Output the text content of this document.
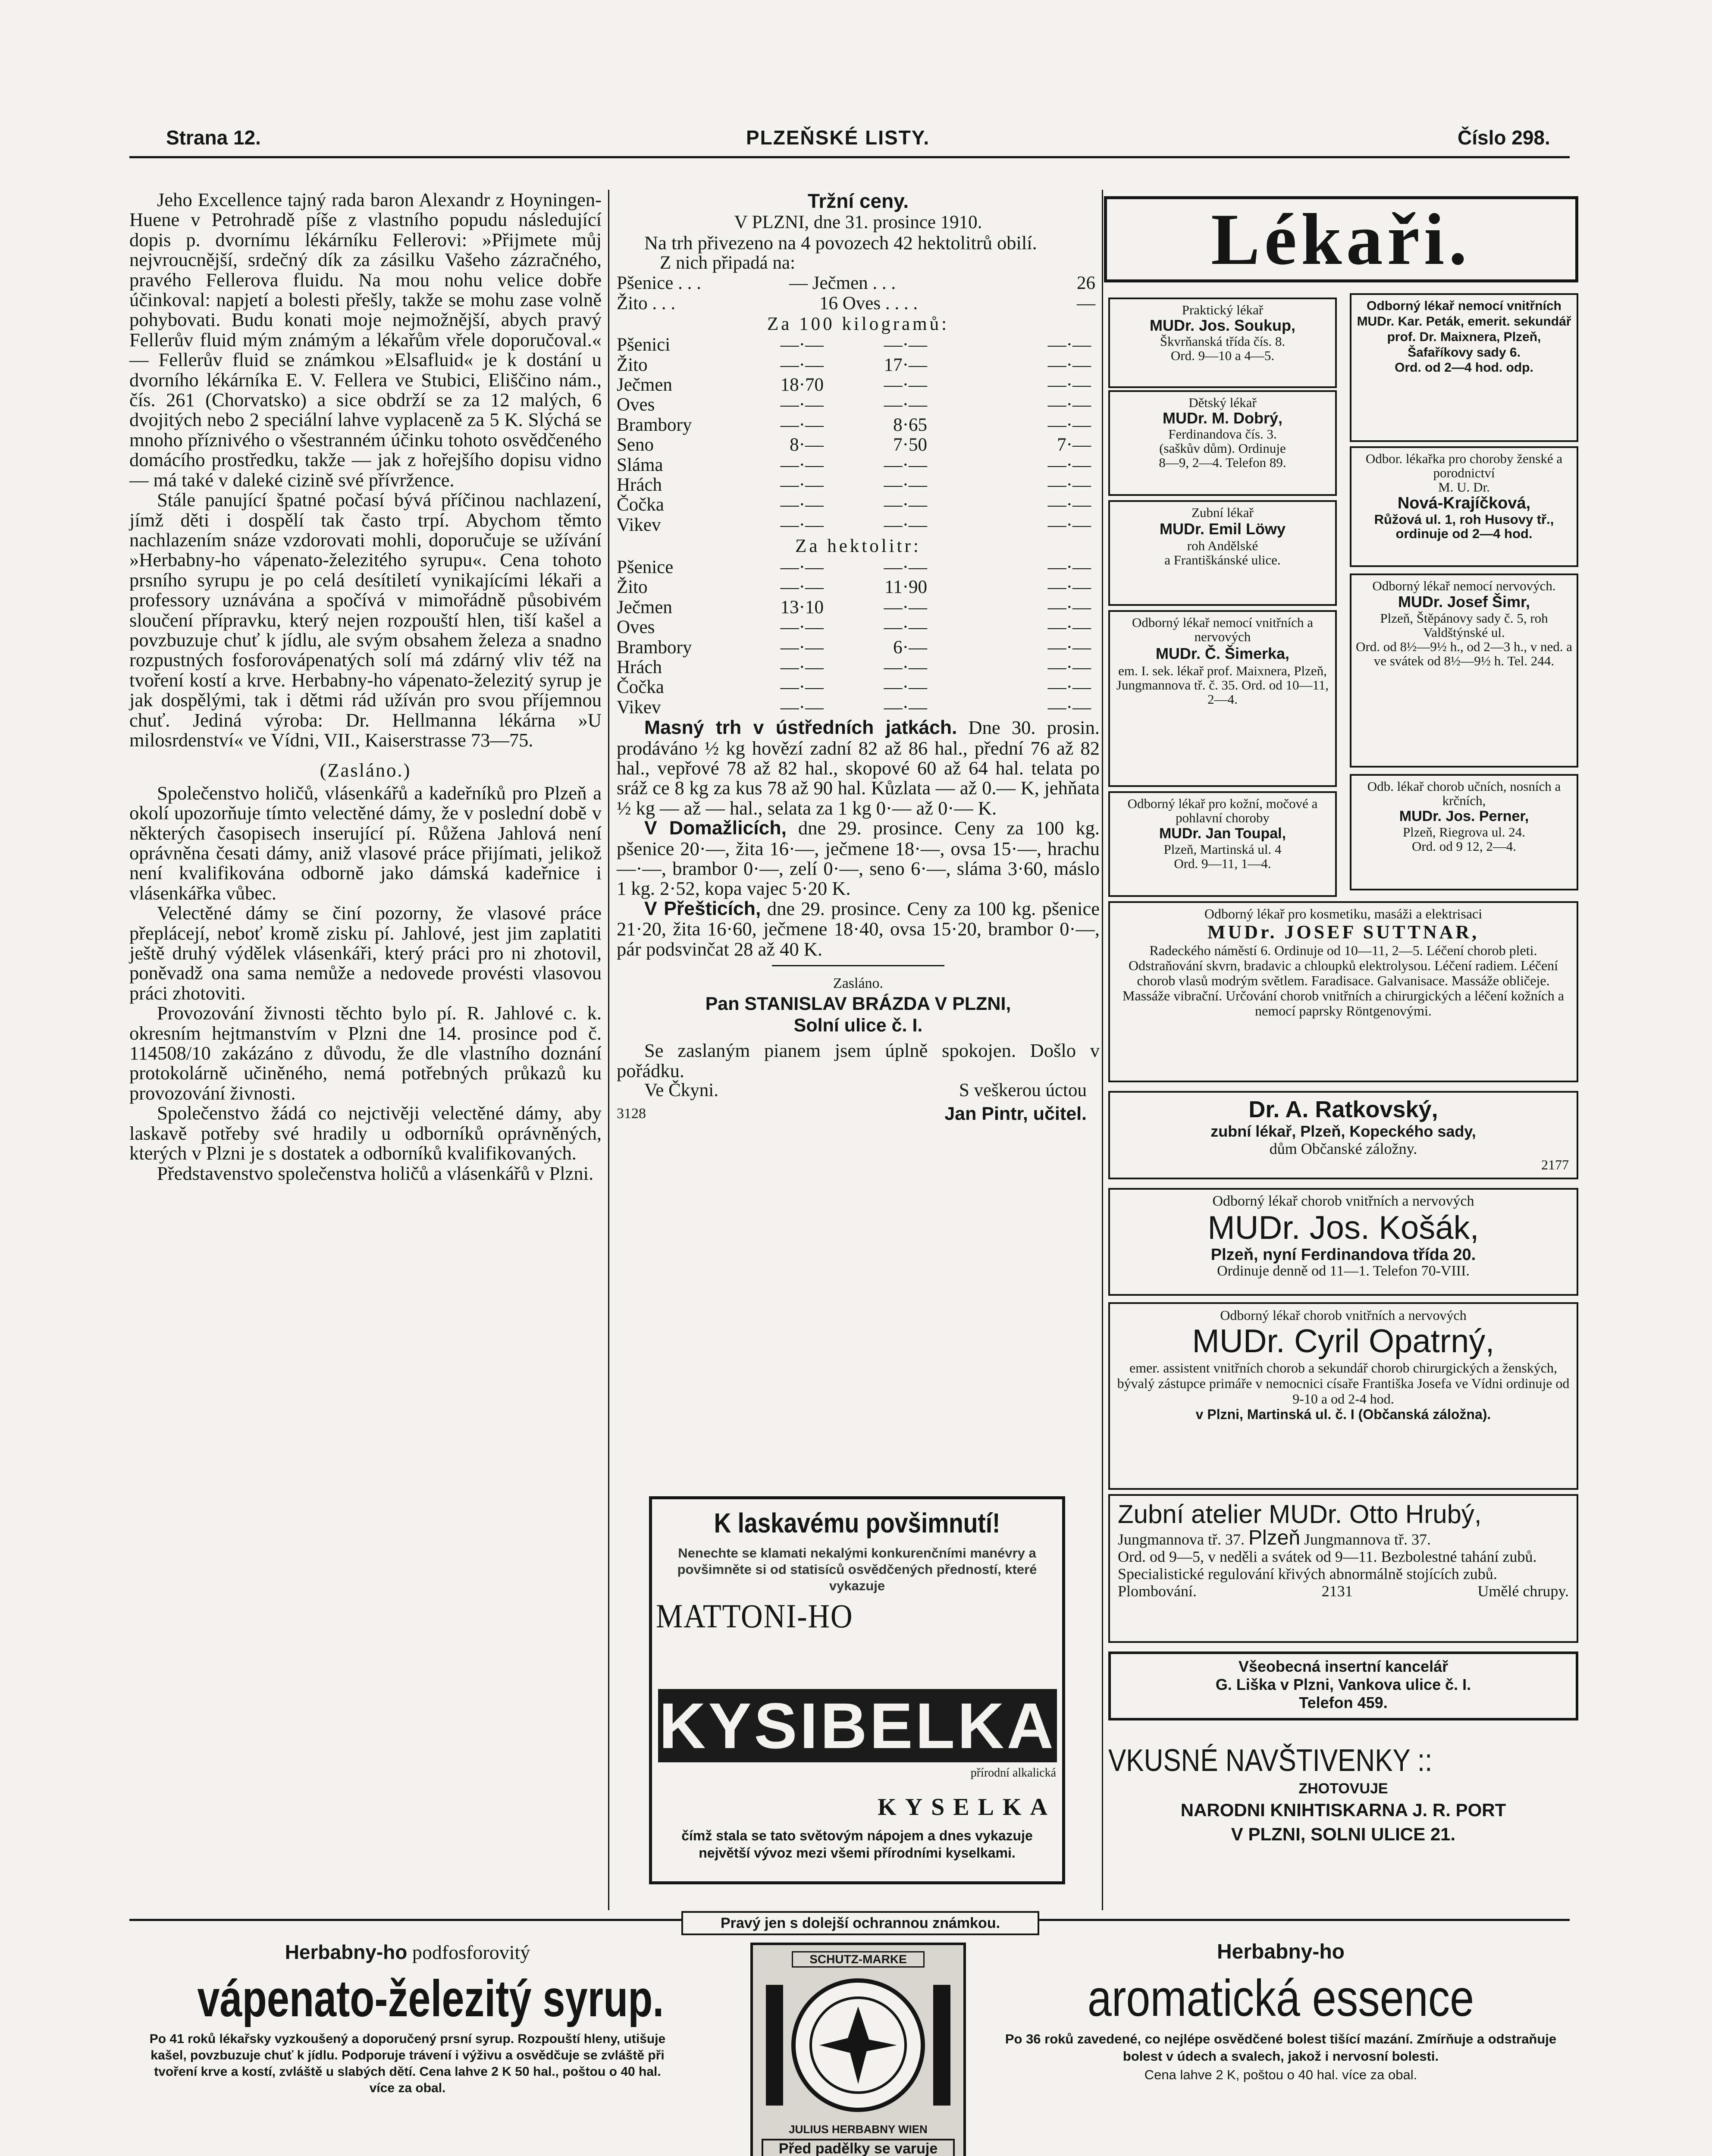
Strana 12.	PLZEŇSKÉ LISTY.	Číslo 298.

Jeho Excellence tajný rada baron Alexandr z Hoyningen-Huene v Petrohradě píše z vlastního popudu následující dopis p. dvornímu lékárníku Fellerovi: »Přijmete můj nejvroucnější, srdečný dík za zásilku Vašeho zázračného, pravého Fellerova fluidu. Na mou nohu velice dobře účinkoval: napjetí a bolesti přešly, takže se mohu zase volně pohybovati. Budu konati moje nejmožnější, abych pravý Fellerův fluid mým známým a lékařům vřele doporučoval.« — Fellerův fluid se známkou »Elsafluid« je k dostání u dvorního lékárníka E. V. Fellera ve Stubici, Eliščino nám., čís. 261 (Chorvatsko) a sice obdrží se za 12 malých, 6 dvojitých nebo 2 speciální lahve vyplaceně za 5 K. Slýchá se mnoho příznivého o všestranném účinku tohoto osvědčeného domácího prostředku, takže — jak z hořejšího dopisu vidno — má také v daleké cizině své přívržence.

Stále panující špatné počasí bývá příčinou nachlazení, jímž děti i dospělí tak často trpí. Abychom těmto nachlazením snáze vzdorovati mohli, doporučuje se užívání »Herbabny-ho vápenato-železitého syrupu«. Cena tohoto prsního syrupu je po celá desítiletí vynikajícími lékaři a professory uznávána a spočívá v mimořádně působivém sloučení přípravku, který nejen rozpouští hlen, tiší kašel a povzbuzuje chuť k jídlu, ale svým obsahem železa a snadno rozpustných fosforovápenatých solí má zdárný vliv též na tvoření kostí a krve. Herbabny-ho vápenato-železitý syrup je jak dospělými, tak i dětmi rád užíván pro svou příjemnou chuť. Jediná výroba: Dr. Hellmanna lékárna »U milosrdenství« ve Vídni, VII., Kaiserstrasse 73—75.

(Zasláno.)

Společenstvo holičů, vlásenkářů a kadeřníků pro Plzeň a okolí upozorňuje tímto velectěné dámy, že v poslední době v některých časopisech inserující pí. Růžena Jahlová není oprávněna česati dámy, aniž vlasové práce přijímati, jelikož není kvalifikována odborně jako dámská kadeřnice i vlásenkářka vůbec.

Velectěné dámy se činí pozorny, že vlasové práce přeplácejí, neboť kromě zisku pí. Jahlové, jest jim zaplatiti ještě druhý výdělek vlásenkáři, který práci pro ni zhotovil, poněvadž ona sama nemůže a nedovede provésti vlasovou práci zhotoviti.

Provozování živnosti těchto bylo pí. R. Jahlové c. k. okresním hejtmanstvím v Plzni dne 14. prosince pod č. 114508/10 zakázáno z důvodu, že dle vlastního doznání protokolárně učiněného, nemá potřebných průkazů ku provozování živnosti.

Společenstvo žádá co nejctivěji velectěné dámy, aby laskavě potřeby své hradily u odborníků oprávněných, kterých v Plzni je s dostatek a odborníků kvalifikovaných.

Představenstvo společenstva holičů a vlásenkářů v Plzni.

Tržní ceny.
V PLZNI, dne 31. prosince 1910.

Na trh přivezeno na 4 povozech 42 hektolitrů obilí.

Z nich připadá na:
Pšenice . . .	— Ječmen . . .	26
Žito . . .	16 Oves . . . .	—
Za 100 kilogramů:
Pšenici	—·—	—·—	—·—
Žito	—·—	17·—	—·—
Ječmen	18·70	—·—	—·—
Oves	—·—	—·—	—·—
Brambory	—·—	8·65	—·—
Seno	8·—	7·50	7·—
Sláma	—·—	—·—	—·—
Hrách	—·—	—·—	—·—
Čočka	—·—	—·—	—·—
Vikev	—·—	—·—	—·—
Za hektolitr:
Pšenice	—·—	—·—	—·—
Žito	—·—	11·90	—·—
Ječmen	13·10	—·—	—·—
Oves	—·—	—·—	—·—
Brambory	—·—	6·—	—·—
Hrách	—·—	—·—	—·—
Čočka	—·—	—·—	—·—
Vikev	—·—	—·—	—·—

Masný trh v ústředních jatkách. Dne 30. prosin. prodáváno ½ kg hovězí zadní 82 až 86 hal., přední 76 až 82 hal., vepřové 78 až 82 hal., skopové 60 až 64 hal. telata po sráž ce 8 kg za kus 78 až 90 hal. Kůzlata — až 0.— K, jehňata ½ kg — až — hal., selata za 1 kg 0·— až 0·— K.

V Domažlicích, dne 29. prosince. Ceny za 100 kg. pšenice 20·—, žita 16·—, ječmene 18·—, ovsa 15·—, hrachu —·—, brambor 0·—, zelí 0·—, seno 6·—, sláma 3·60, máslo 1 kg. 2·52, kopa vajec 5·20 K.

V Přešticích, dne 29. prosince. Ceny za 100 kg. pšenice 21·20, žita 16·60, ječmene 18·40, ovsa 15·20, brambor 0·—, pár podsvinčat 28 až 40 K.

Zasláno.
Pan STANISLAV BRÁZDA V PLZNI,
Solní ulice č. I.

Se zaslaným pianem jsem úplně spokojen. Došlo v pořádku.

Ve Čkyni.	S veškerou úctou
3128	Jan Pintr, učitel.
K laskavému povšimnutí!
Nenechte se klamati nekalými konkurenčními manévry a povšimněte si od statisíců osvědčených předností, které vykazuje
MATTONI-HO
KYSIBELKA
přírodní alkalická
KYSELKA
čímž stala se tato světovým nápojem a dnes vykazuje největší vývoz mezi všemi přírodními kyselkami.
Lékaři.
Praktický lékař
MUDr. Jos. Soukup,
Škvrňanská třída čís. 8.
Ord. 9—10 a 4—5.
Odborný lékař nemocí vnitřních MUDr. Kar. Peták, emerit. sekundář prof. Dr. Maixnera, Plzeň, Šafaříkovy sady 6.
Ord. od 2—4 hod. odp.
Dětský lékař
MUDr. M. Dobrý,
Ferdinandova čís. 3.
(saškův dům). Ordinuje
8—9, 2—4. Telefon 89.	Odbor. lékařka pro choroby ženské a porodnictví
M. U. Dr.
Nová-Krajíčková,
Růžová ul. 1, roh Husovy tř., ordinuje od 2—4 hod.
Zubní lékař
MUDr. Emil Löwy
roh Andělské
a Františkánské ulice.
Odborný lékař nemocí nervových.
MUDr. Josef Šimr,
Plzeň, Štěpánovy sady č. 5, roh Valdštýnské ul.
Ord. od 8½—9½ h., od 2—3 h., v ned. a ve svátek od 8½—9½ h. Tel. 244.
Odborný lékař nemocí vnitřních a nervových
MUDr. Č. Šimerka,
em. I. sek. lékař prof. Maixnera, Plzeň, Jungmannova tř. č. 35. Ord. od 10—11, 2—4.
Odb. lékař chorob učních, nosních a krčních,
MUDr. Jos. Perner,
Plzeň, Riegrova ul. 24.
Ord. od 9 12, 2—4.
Odborný lékař pro kožní, močové a pohlavní choroby
MUDr. Jan Toupal,
Plzeň, Martinská ul. 4
Ord. 9—11, 1—4.
Odborný lékař pro kosmetiku, masáži a elektrisaci
MUDr. JOSEF SUTTNAR,
Radeckého náměstí 6. Ordinuje od 10—11, 2—5. Léčení chorob pleti. Odstraňování skvrn, bradavic a chloupků elektrolysou. Léčení radiem. Léčení chorob vlasů modrým světlem. Faradisace. Galvanisace. Massáže obličeje. Massáže vibrační. Určování chorob vnitřních a chirurgických a léčení kožních a nemocí paprsky Röntgenovými.
Dr. A. Ratkovský,
zubní lékař, Plzeň, Kopeckého sady,
dům Občanské záložny.
2177
Odborný lékař chorob vnitřních a nervových
MUDr. Jos. Košák,
Plzeň, nyní Ferdinandova třída 20.
Ordinuje denně od 11—1. Telefon 70-VIII.
Odborný lékař chorob vnitřních a nervových
MUDr. Cyril Opatrný,
emer. assistent vnitřních chorob a sekundář chorob chirurgických a ženských, bývalý zástupce primáře v nemocnici císaře Františka Josefa ve Vídni ordinuje od 9-10 a od 2-4 hod.
v Plzni, Martinská ul. č. I (Občanská záložna).
Zubní atelier MUDr. Otto Hrubý,
Jungmannova tř. 37. Plzeň Jungmannova tř. 37.
Ord. od 9—5, v neděli a svátek od 9—11. Bezbolestné tahání zubů. Specialistické regulování křivých abnormálně stojících zubů.
Plombování.	2131	Umělé chrupy.
Všeobecná insertní kancelář
G. Liška v Plzni, Vankova ulice č. I.
Telefon 459.
VKUSNÉ NAVŠTIVENKY ::
ZHOTOVUJE
NARODNI KNIHTISKARNA J. R. PORT
V PLZNI, SOLNI ULICE 21.
Pravý jen s dolejší ochrannou známkou.
Herbabny-ho podfosforovitý
vápenato-železitý syrup.
Po 41 roků lékařsky vyzkoušený a doporučený prsní syrup. Rozpouští hleny, utišuje kašel, povzbuzuje chuť k jídlu. Podporuje trávení i výživu a osvědčuje se zvláště při tvoření krve a kostí, zvláště u slabých dětí. Cena lahve 2 K 50 hal., poštou o 40 hal. více za obal.
SCHUTZ-MARKE
JULIUS HERBABNY WIEN
Před padělky se varuje
Herbabny-ho
aromatická essence
Po 36 roků zavedené, co nejlépe osvědčené bolest tišící mazání. Zmírňuje a odstraňuje bolest v údech a svalech, jakož i nervosní bolesti.
Cena lahve 2 K, poštou o 40 hal. více za obal.
